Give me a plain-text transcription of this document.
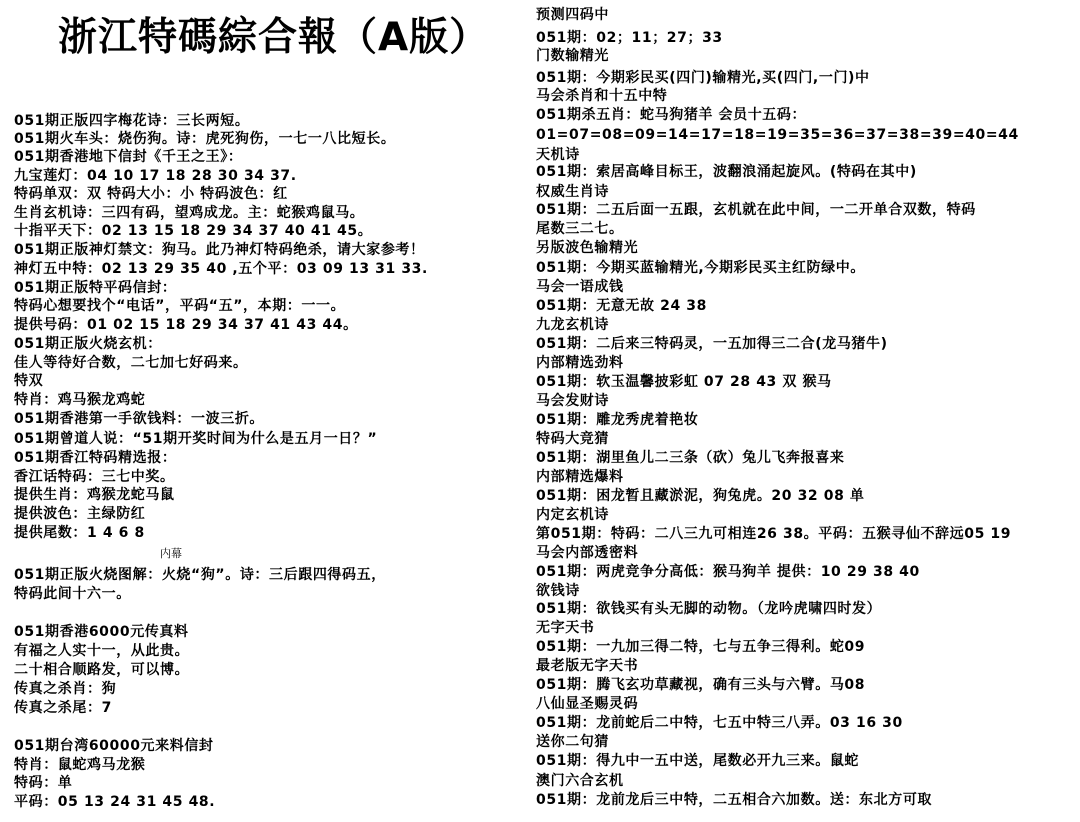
浙江特碼綜合報（A版）
051期正版四字梅花诗：三长两短。
051期火车头：烧伤狗。诗：虎死狗伤，一七一八比短长。
051期香港地下信封《千王之王》：
九宝莲灯：04 10 17 18 28 30 34 37.
特码单双：双 特码大小：小 特码波色：红
生肖玄机诗：三四有码，望鸡成龙。主：蛇猴鸡鼠马。
十指平天下：02 13 15 18 29 34 37 40 41 45。
051期正版神灯禁文：狗马。此乃神灯特码绝杀，请大家参考！
神灯五中特：02 13 29 35 40 ,五个平：03 09 13 31 33.
051期正版特平码信封：
特码心想要找个“电话”，平码“五”，本期：一一。
提供号码：01 02 15 18 29 34 37 41 43 44。
051期正版火烧玄机：
佳人等待好合数，二七加七好码来。
特双
特肖：鸡马猴龙鸡蛇
051期香港第一手欲钱料：一波三折。
051期曾道人说：“51期开奖时间为什么是五月一日？”
051期香江特码精选报：
香江话特码：三七中奖。
提供生肖：鸡猴龙蛇马鼠
提供波色：主绿防红
提供尾数：1 4 6 8
内幕
051期正版火烧图解：火烧“狗”。诗：三后跟四得码五，
特码此间十六一。
051期香港6000元传真料
有福之人实十一，从此贵。
二十相合顺路发，可以博。
传真之杀肖：狗
传真之杀尾：7
051期台湾60000元来料信封
特肖：鼠蛇鸡马龙猴
特码：单
平码：05 13 24 31 45 48.
预测四码中
051期：02；11；27；33
门数输精光
051期：今期彩民买(四门)输精光,买(四门,一门)中
马会杀肖和十五中特
051期杀五肖：蛇马狗猪羊 会员十五码：
01=07=08=09=14=17=18=19=35=36=37=38=39=40=44
天机诗
051期：索居高峰目标王，波翻浪涌起旋风。(特码在其中)
权威生肖诗
051期：二五后面一五跟，玄机就在此中间，一二开单合双数，特码
尾数三二七。
另版波色输精光
051期：今期买蓝输精光,今期彩民买主红防绿中。
马会一语成钱
051期：无意无故 24 38
九龙玄机诗
051期：二后来三特码灵，一五加得三二合(龙马猪牛)
内部精选劲料
051期：软玉温馨披彩虹 07 28 43 双 猴马
马会发财诗
051期：雕龙秀虎着艳妆
特码大竞猜
051期：湖里鱼儿二三条（砍）兔儿飞奔报喜来
内部精选爆料
051期：困龙暂且藏淤泥，狗兔虎。20 32 08 单
内定玄机诗
第051期：特码：二八三九可相连26 38。平码：五猴寻仙不辞远05 19
马会内部透密料
051期：两虎竞争分高低：猴马狗羊 提供：10 29 38 40
欲钱诗
051期：欲钱买有头无脚的动物。（龙吟虎啸四时发）
无字天书
051期：一九加三得二特，七与五争三得利。蛇09
最老版无字天书
051期：腾飞玄功草藏视，确有三头与六臂。马08
八仙显圣赐灵码
051期：龙前蛇后二中特，七五中特三八弄。03 16 30
送你二句猜
051期：得九中一五中送，尾数必开九三来。鼠蛇
澳门六合玄机
051期：龙前龙后三中特，二五相合六加数。送：东北方可取
